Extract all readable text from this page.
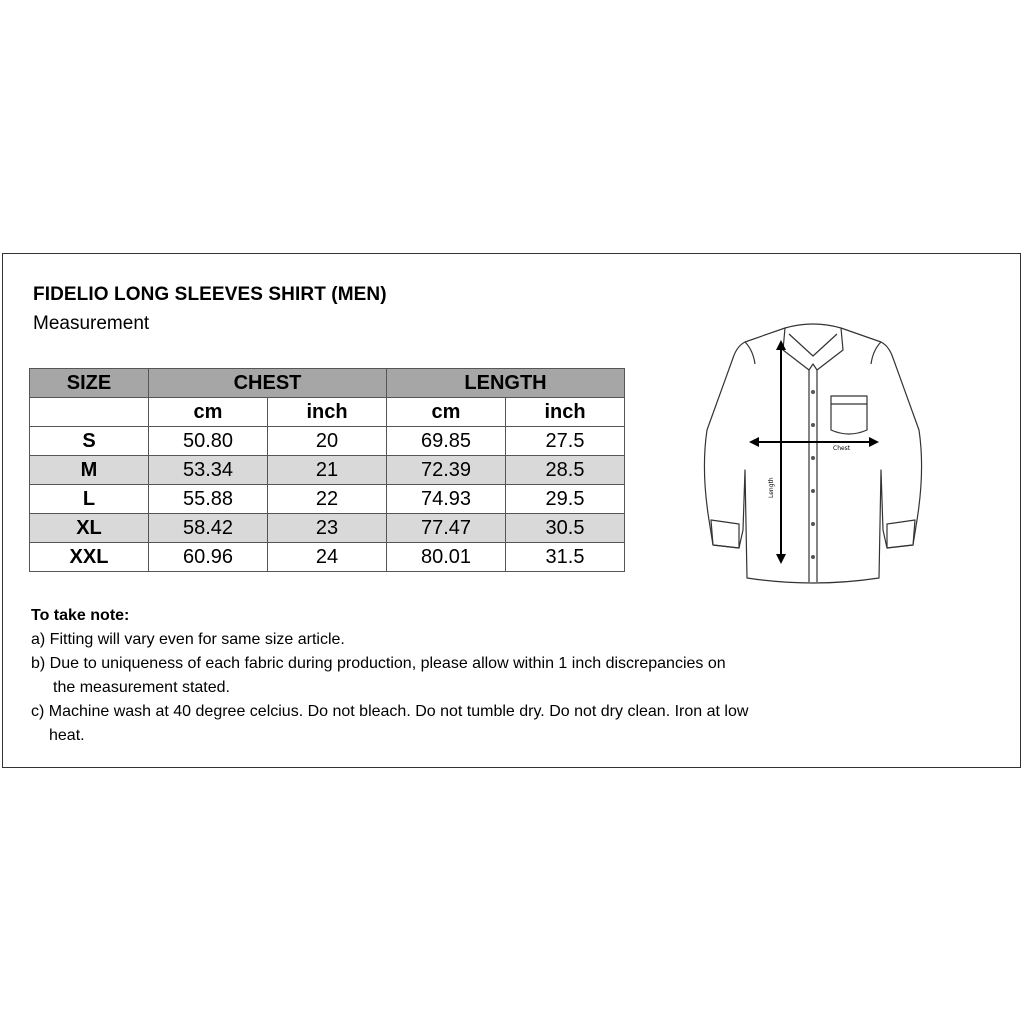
FIDELIO LONG SLEEVES SHIRT (MEN)
Measurement
SIZE	CHEST		LENGTH	
	cm	inch	cm	inch
S	50.80	20	69.85	27.5
M	53.34	21	72.39	28.5
L	55.88	22	74.93	29.5
XL	58.42	23	77.47	30.5
XXL	60.96	24	80.01	31.5
Chest
Length
To take note:
a) Fitting will vary even for same size article.
b) Due to uniqueness of each fabric during production, please allow within 1 inch discrepancies on
the measurement stated.
c) Machine wash at 40 degree celcius. Do not bleach. Do not tumble dry. Do not dry clean. Iron at low
heat.
